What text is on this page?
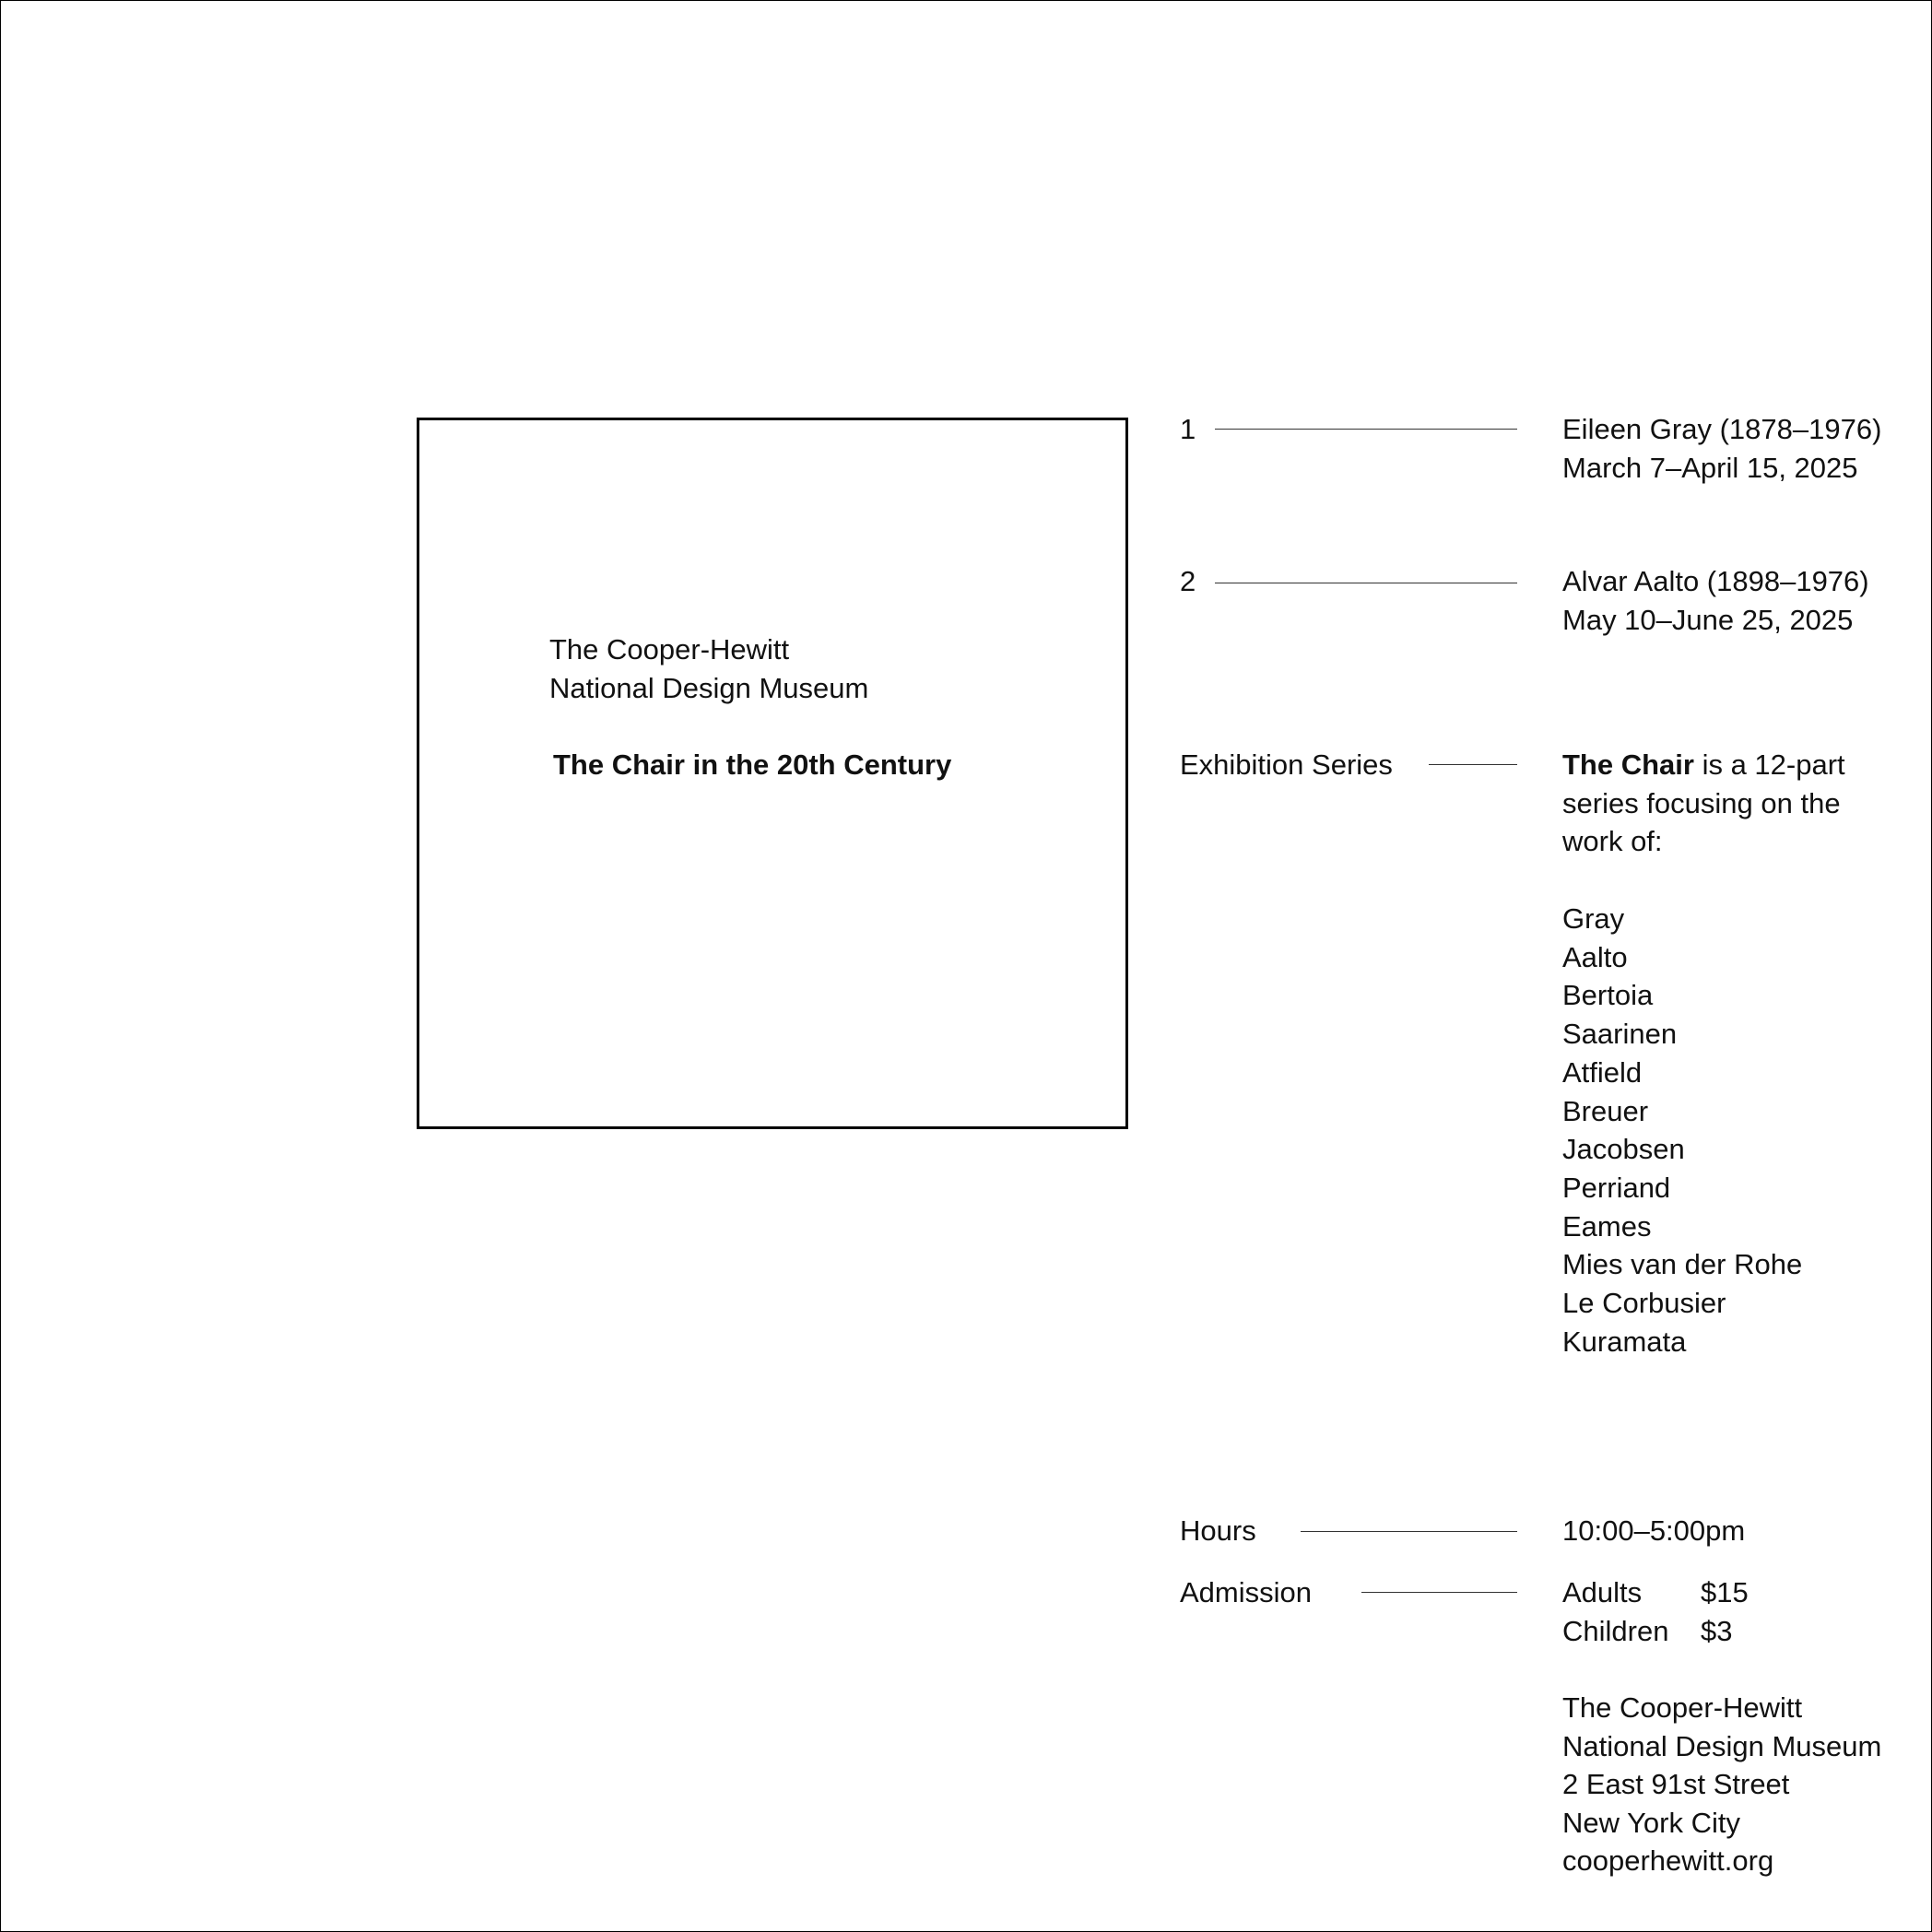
The Cooper-Hewitt
National Design Museum
The Chair in the 20th Century
1	Eileen Gray (1878–1976)
March 7–April 15, 2025
2	Alvar Aalto (1898–1976)
May 10–June 25, 2025
Exhibition Series	The Chair is a 12-part
series focusing on the
work of:
Gray
Aalto
Bertoia
Saarinen
Atfield
Breuer
Jacobsen
Perriand
Eames
Mies van der Rohe
Le Corbusier
Kuramata
Hours	10:00–5:00pm
Admission	Adults	$15
Children	$3
The Cooper-Hewitt
National Design Museum
2 East 91st Street
New York City
cooperhewitt.org
